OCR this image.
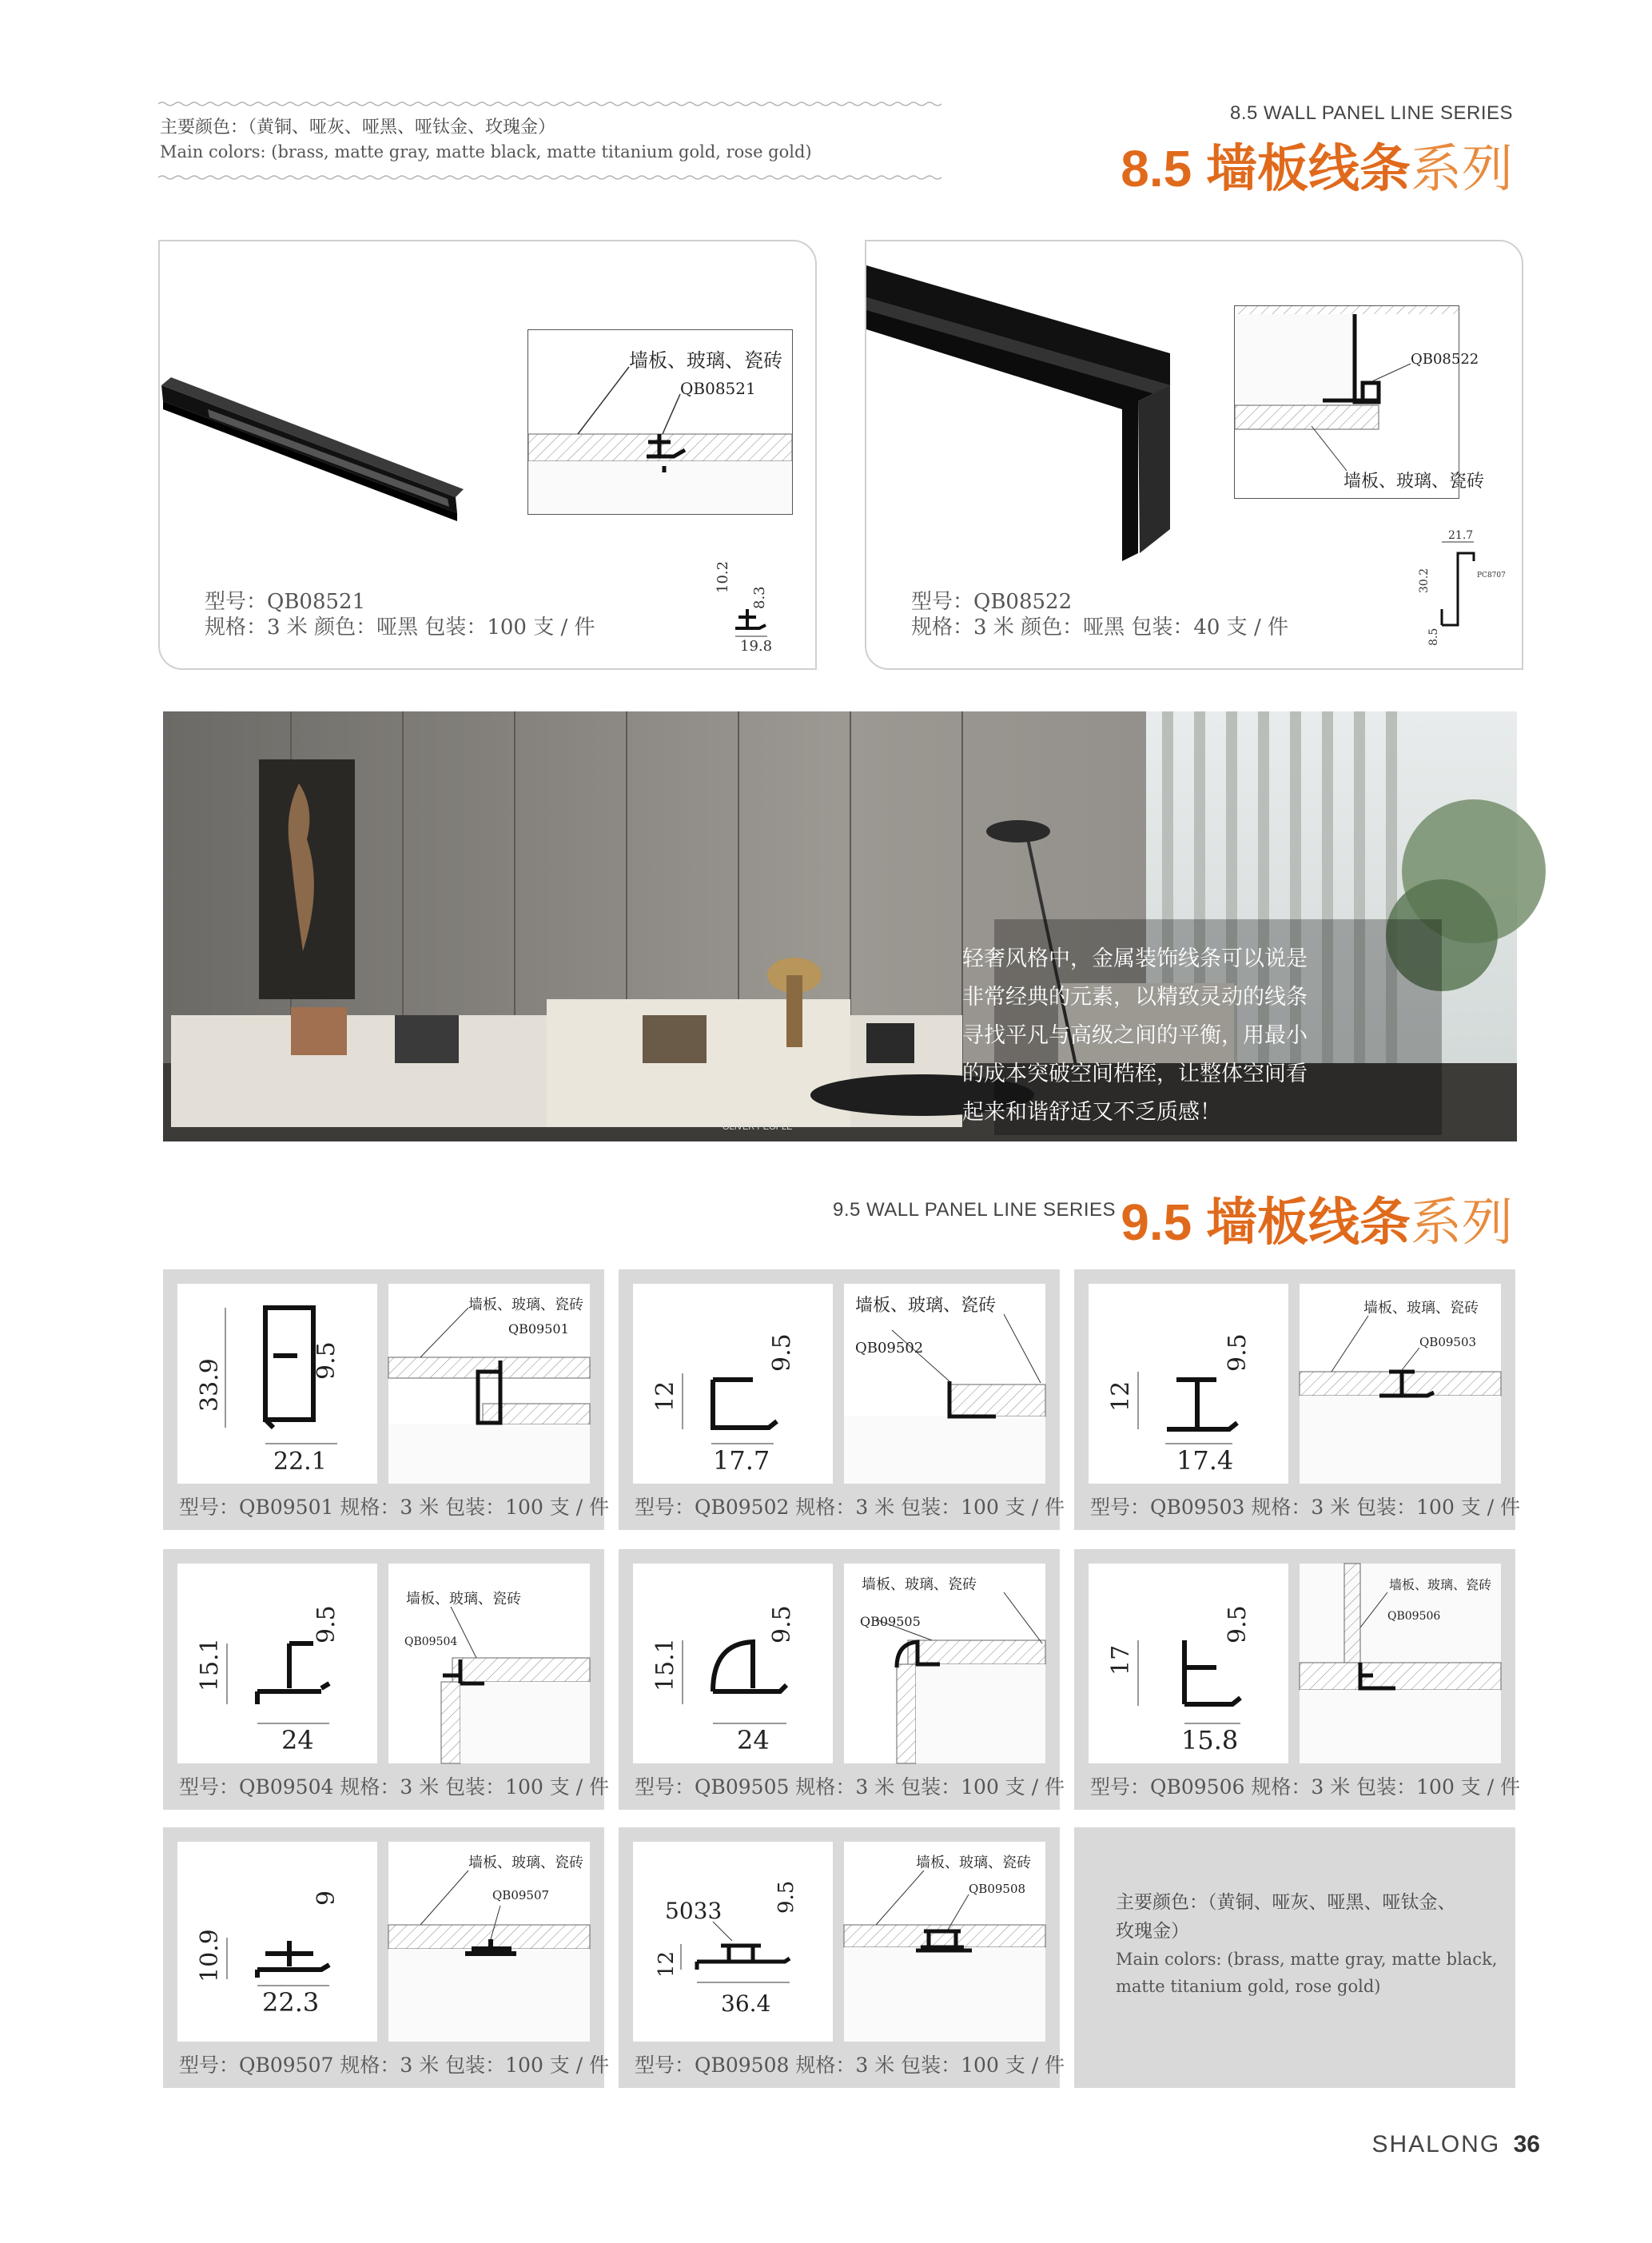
主要颜色：（黄铜、哑灰、哑黑、哑钛金、玫瑰金）
Main colors: (brass, matte gray, matte black, matte titanium gold, rose gold)
8.5 WALL PANEL LINE SERIES
8.5 墙板线条系列
墙板、玻璃、瓷砖
QB08521
10.2
8.3
19.8
型号：QB08521
规格：3 米 颜色：哑黑 包装：100 支 / 件
QB08522
墙板、玻璃、瓷砖
21.7
30.2
8.5
PC8707
型号：QB08522
规格：3 米 颜色：哑黑 包装：40 支 / 件
轻奢风格中，金属装饰线条可以说是
非常经典的元素，以精致灵动的线条
寻找平凡与高级之间的平衡，用最小
的成本突破空间梏桎，让整体空间看
起来和谐舒适又不乏质感！
OLIVER PEOPLE
9.5 WALL PANEL LINE SERIES 9.5 墙板线条系列
33.9	9.5
22.1
墙板、玻璃、瓷砖
QB09501
型号：QB09501 规格：3 米 包装：100 支 / 件
12
9.5
17.7
墙板、玻璃、瓷砖
QB09502
型号：QB09502 规格：3 米 包装：100 支 / 件
12
9.5
17.4
墙板、玻璃、瓷砖
QB09503
型号：QB09503 规格：3 米 包装：100 支 / 件
15.1
9.5
24
墙板、玻璃、瓷砖
QB09504
型号：QB09504 规格：3 米 包装：100 支 / 件
15.1
9.5
24
墙板、玻璃、瓷砖
QB09505
型号：QB09505 规格：3 米 包装：100 支 / 件
17
9.5
15.8
墙板、玻璃、瓷砖
QB09506
型号：QB09506 规格：3 米 包装：100 支 / 件
10.9
9
22.3
墙板、玻璃、瓷砖
QB09507
型号：QB09507 规格：3 米 包装：100 支 / 件
5033
12
9.5
36.4
墙板、玻璃、瓷砖
QB09508
型号：QB09508 规格：3 米 包装：100 支 / 件
主要颜色：（黄铜、哑灰、哑黑、哑钛金、
玫瑰金）
Main colors: (brass, matte gray, matte black,
matte titanium gold, rose gold)
SHALONG 36
